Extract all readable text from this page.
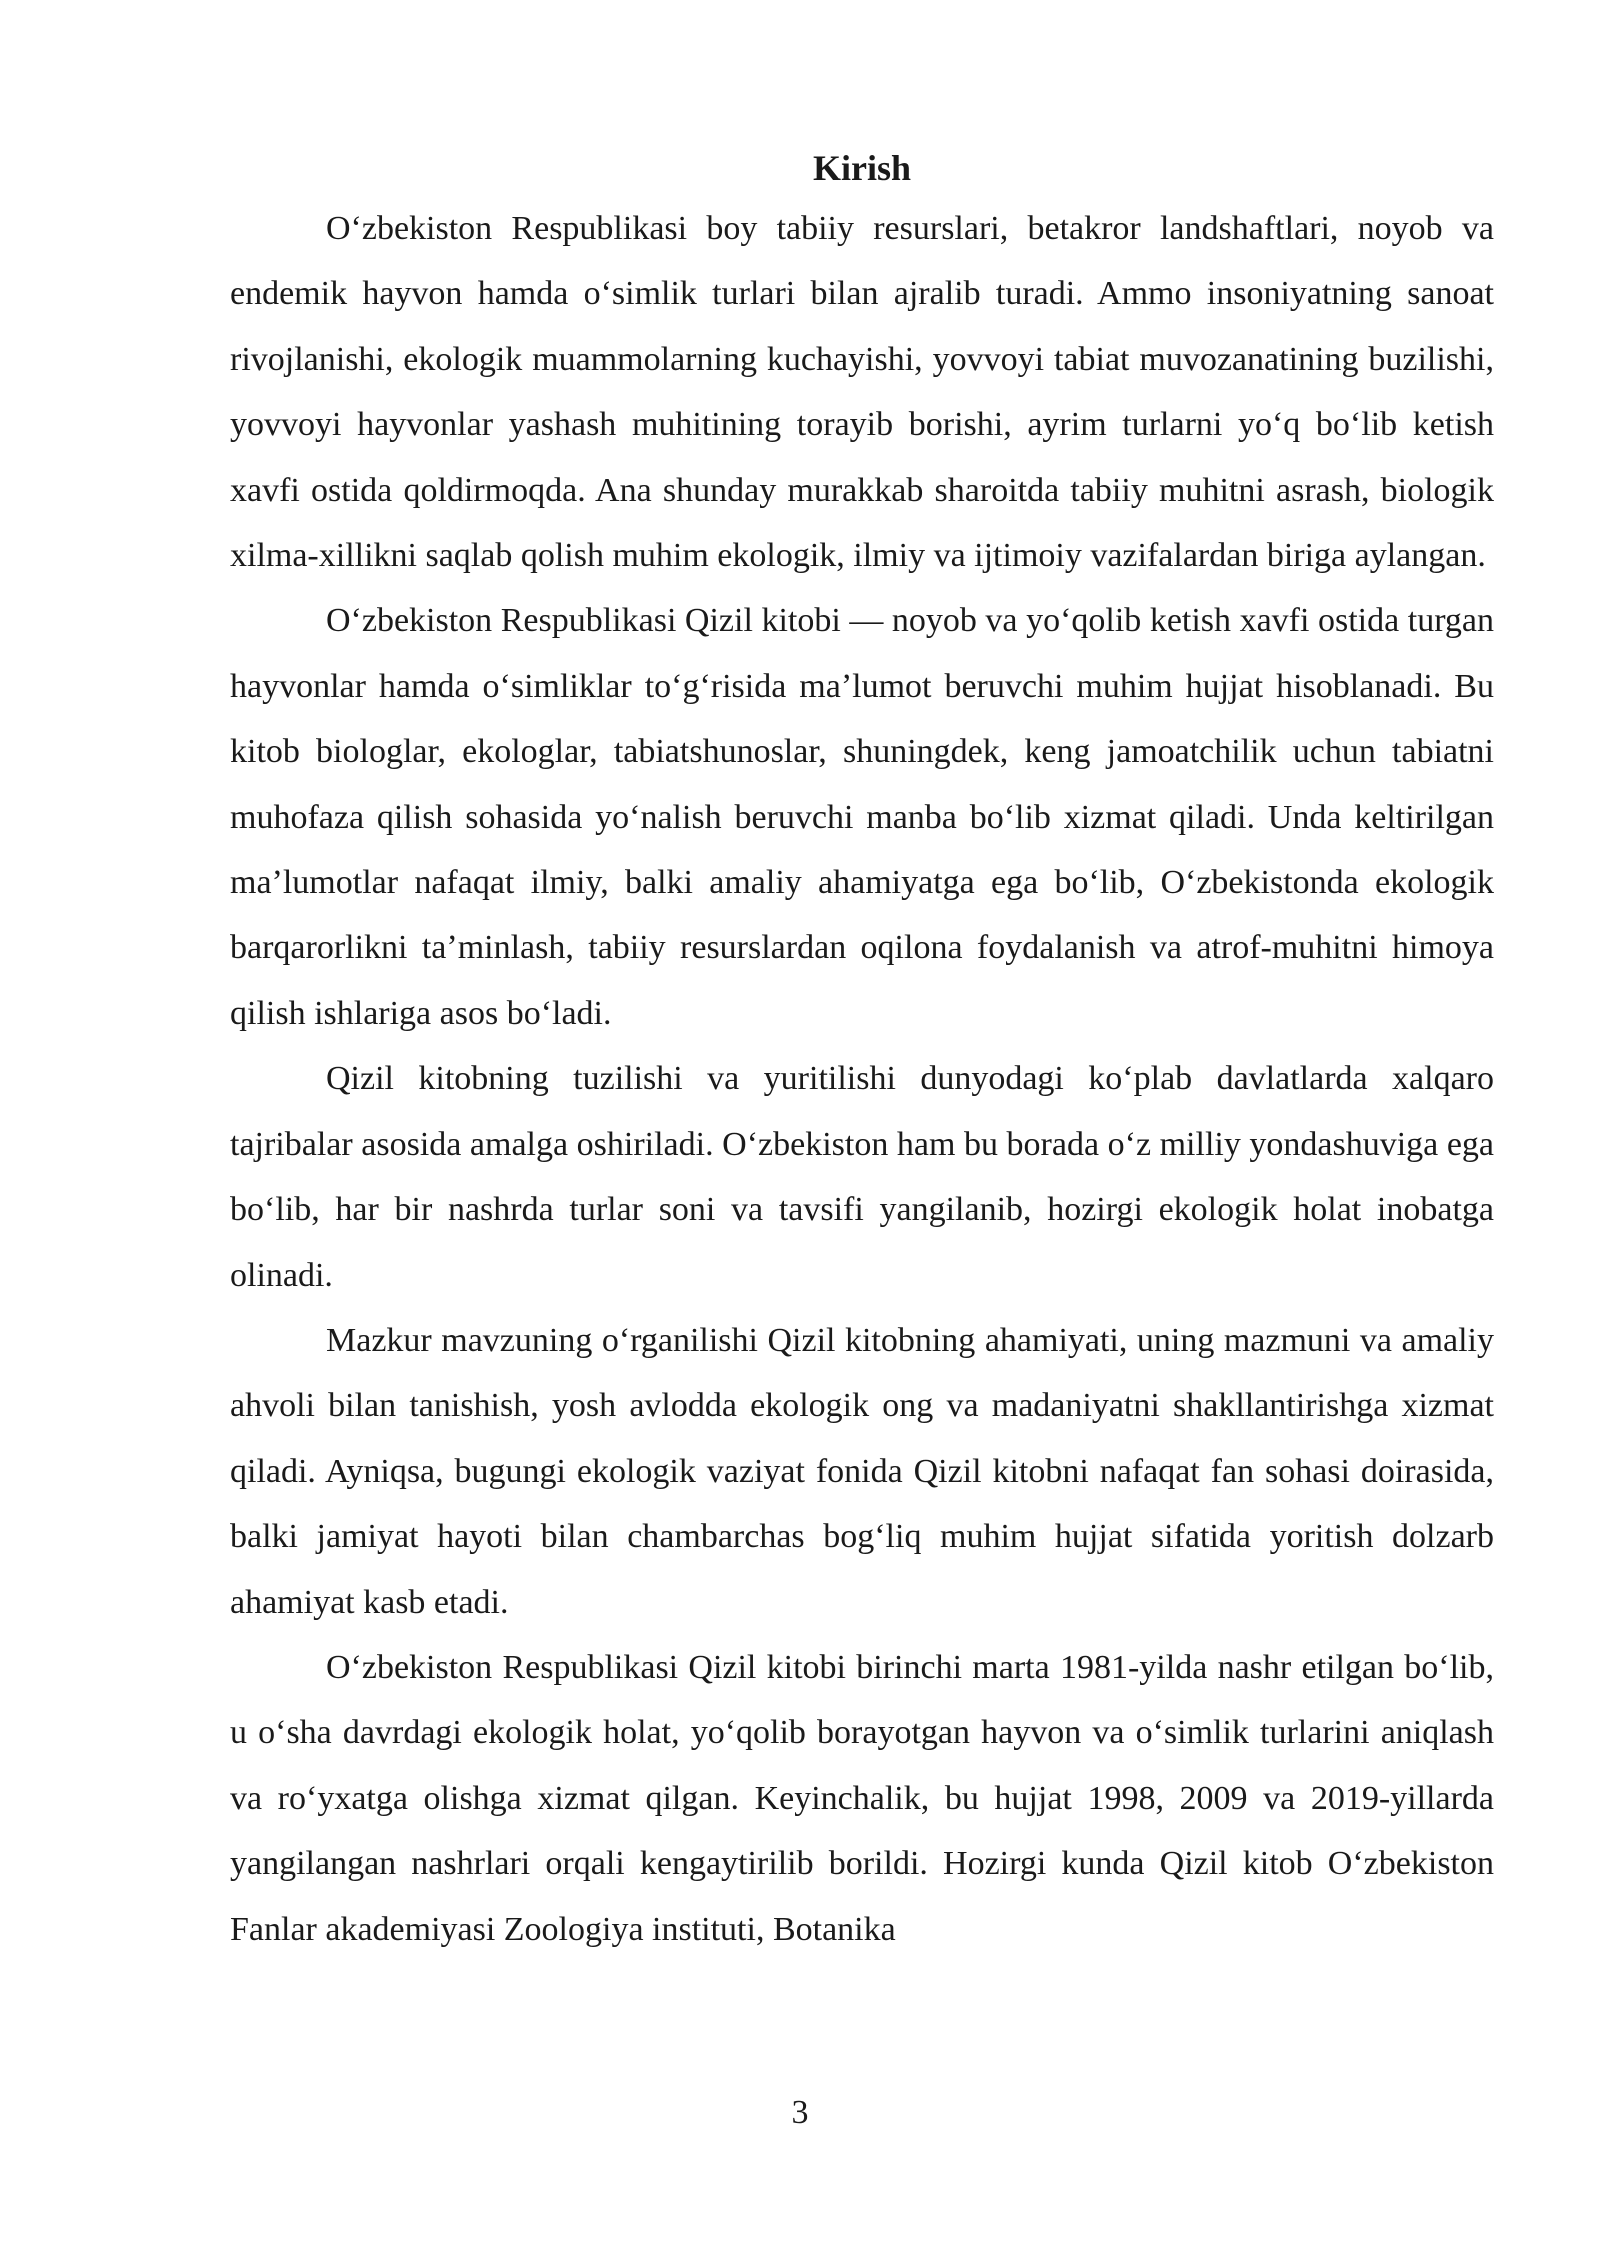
Kirish

Oʻzbekiston Respublikasi boy tabiiy resurslari, betakror landshaftlari, noyob va endemik hayvon hamda oʻsimlik turlari bilan ajralib turadi. Ammo insoniyatning sanoat rivojlanishi, ekologik muammolarning kuchayishi, yovvoyi tabiat muvozanatining buzilishi, yovvoyi hayvonlar yashash muhitining torayib borishi, ayrim turlarni yoʻq boʻlib ketish xavfi ostida qoldirmoqda. Ana shunday murakkab sharoitda tabiiy muhitni asrash, biologik xilma-xillikni saqlab qolish muhim ekologik, ilmiy va ijtimoiy vazifalardan biriga aylangan.

Oʻzbekiston Respublikasi Qizil kitobi — noyob va yoʻqolib ketish xavfi ostida turgan hayvonlar hamda oʻsimliklar toʻgʻrisida maʼlumot beruvchi muhim hujjat hisoblanadi. Bu kitob biologlar, ekologlar, tabiatshunoslar, shuningdek, keng jamoatchilik uchun tabiatni muhofaza qilish sohasida yoʻnalish beruvchi manba boʻlib xizmat qiladi. Unda keltirilgan maʼlumotlar nafaqat ilmiy, balki amaliy ahamiyatga ega boʻlib, Oʻzbekistonda ekologik barqarorlikni taʼminlash, tabiiy resurslardan oqilona foydalanish va atrof-muhitni himoya qilish ishlariga asos boʻladi.

Qizil kitobning tuzilishi va yuritilishi dunyodagi koʻplab davlatlarda xalqaro tajribalar asosida amalga oshiriladi. Oʻzbekiston ham bu borada oʻz milliy yondashuviga ega boʻlib, har bir nashrda turlar soni va tavsifi yangilanib, hozirgi ekologik holat inobatga olinadi.

Mazkur mavzuning oʻrganilishi Qizil kitobning ahamiyati, uning mazmuni va amaliy ahvoli bilan tanishish, yosh avlodda ekologik ong va madaniyatni shakllantirishga xizmat qiladi. Ayniqsa, bugungi ekologik vaziyat fonida Qizil kitobni nafaqat fan sohasi doirasida, balki jamiyat hayoti bilan chambarchas bogʻliq muhim hujjat sifatida yoritish dolzarb ahamiyat kasb etadi.

Oʻzbekiston Respublikasi Qizil kitobi birinchi marta 1981-yilda nashr etilgan boʻlib, u oʻsha davrdagi ekologik holat, yoʻqolib borayotgan hayvon va oʻsimlik turlarini aniqlash va roʻyxatga olishga xizmat qilgan. Keyinchalik, bu hujjat 1998, 2009 va 2019-yillarda yangilangan nashrlari orqali kengaytirilib borildi. Hozirgi kunda Qizil kitob Oʻzbekiston Fanlar akademiyasi Zoologiya instituti, Botanika

3
